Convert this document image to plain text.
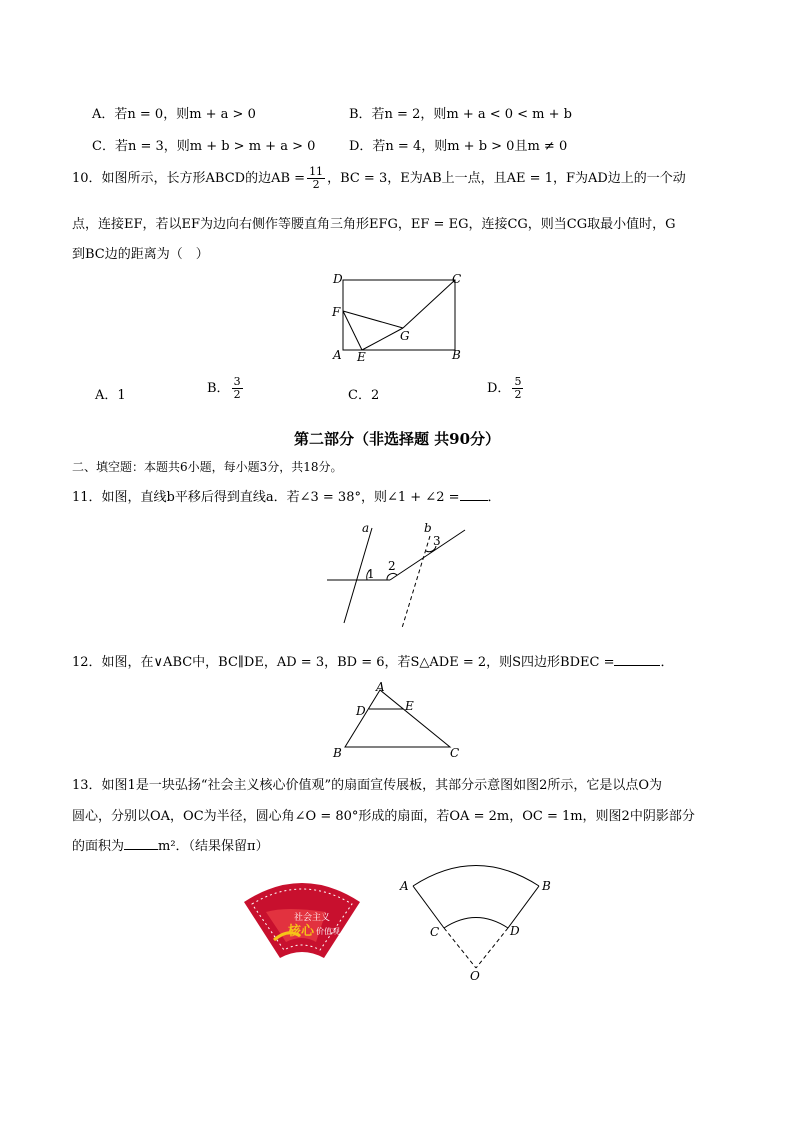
A．若n = 0，则m + a > 0	B．若n = 2，则m + a < 0 < m + b
C．若n = 3，则m + b > m + a > 0	D．若n = 4，则m + b > 0且m ≠ 0
10．如图所示，长方形ABCD的边AB = $\frac{11}{2}$ ，BC = 3，E为AB上一点，且AE = 1，F为AD边上的一个动
点，连接EF，若以EF为边向右侧作等腰直角三角形EFG，EF = EG，连接CG，则当CG取最小值时，G
到BC边的距离为（　）
D	C
F
G
A E	B
A．1	B． $\frac{3}{2}$	C．2	D． $\frac{5}{2}$
第二部分（非选择题 共90分）
二、填空题：本题共6小题，每小题3分，共18分。
11．如图，直线b平移后得到直线a．若∠3 = 38°，则∠1 + ∠2 = ．
a	b
1
2
3
12．如图，在∨ABC中，BC∥DE，AD = 3，BD = 6，若S△ADE = 2，则S四边形BDEC =	．
A
D	E
B	C
13．如图1是一块弘扬“社会主义核心价值观”的扇面宣传展板，其部分示意图如图2所示，它是以点O为
圆心，分别以OA，OC为半径，圆心角∠O = 80°形成的扇面，若OA = 2m，OC = 1m，则图2中阴影部分
的面积为	m²．（结果保留π）
社会主义
核心 价值观
A	B
C	D
O
